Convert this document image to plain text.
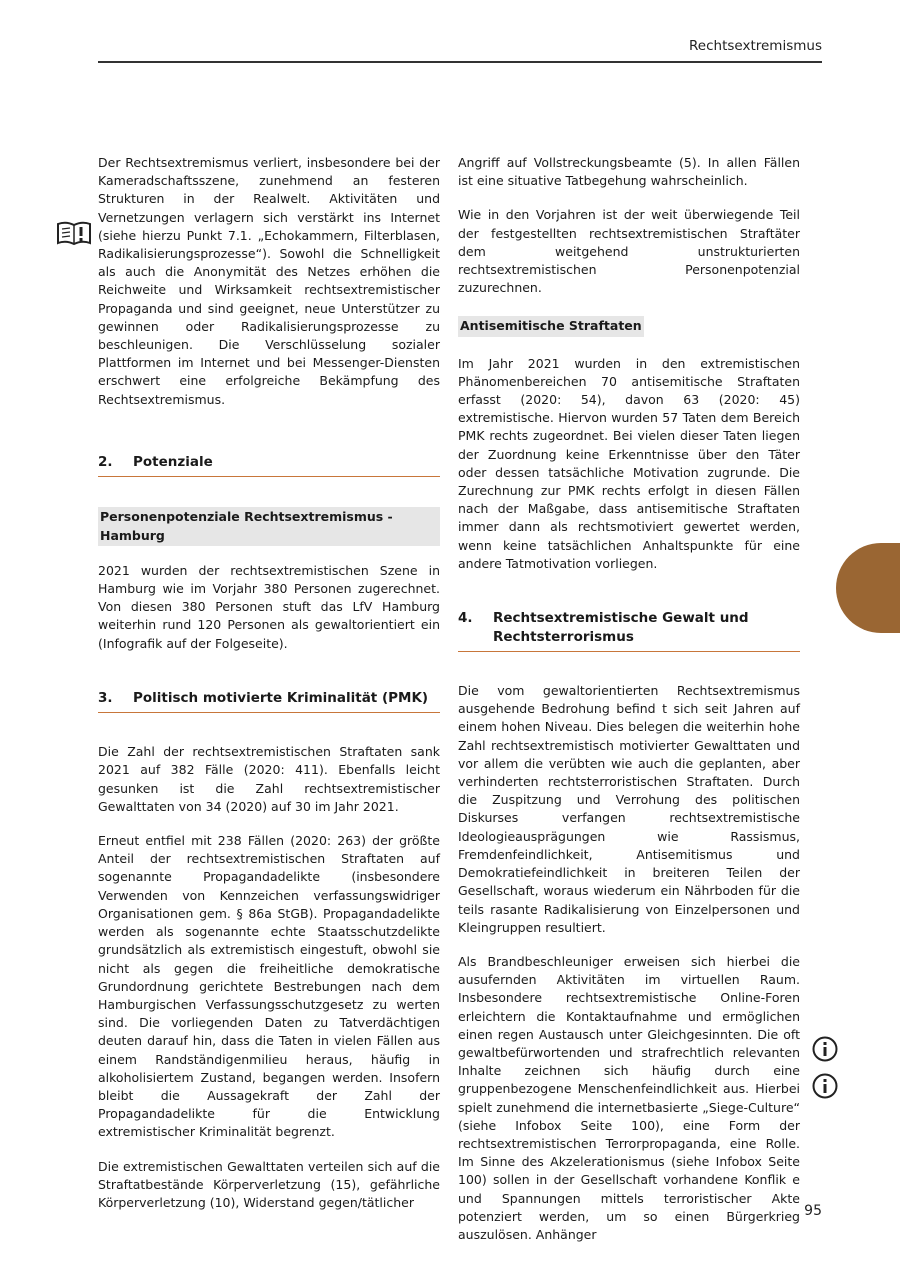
Rechtsextremismus

Der Rechtsextremismus verliert, insbesondere bei der Kameradschaftsszene, zunehmend an festeren Strukturen in der Realwelt. Aktivitäten und Vernetzungen verlagern sich verstärkt ins Internet (siehe hierzu Punkt 7.1. „Echokammern, Filterblasen, Radikalisierungsprozesse“). Sowohl die Schnelligkeit als auch die Anonymität des Netzes erhöhen die Reichweite und Wirksamkeit rechtsextremistischer Propaganda und sind geeignet, neue Unterstützer zu gewinnen oder Radikalisierungsprozesse zu beschleunigen. Die Verschlüsselung sozialer Plattformen im Internet und bei Messenger-Diensten erschwert eine erfolgreiche Bekämpfung des Rechtsextremismus.

2.	Potenziale
Personenpotenziale Rechtsextremismus - Hamburg

2021 wurden der rechtsextremistischen Szene in Hamburg wie im Vorjahr 380 Personen zugerechnet. Von diesen 380 Personen stuft das LfV Hamburg weiterhin rund 120 Personen als gewaltorientiert ein (Infografik auf der Folgeseite).

3.	Politisch motivierte Kriminalität (PMK)

Die Zahl der rechtsextremistischen Straftaten sank 2021 auf 382 Fälle (2020: 411). Ebenfalls leicht gesunken ist die Zahl rechtsextremistischer Gewalttaten von 34 (2020) auf 30 im Jahr 2021.

Erneut entfiel mit 238 Fällen (2020: 263) der größte Anteil der rechtsextremistischen Straftaten auf sogenannte Propagandadelikte (insbesondere Verwenden von Kennzeichen verfassungswidriger Organisationen gem. § 86a StGB). Propagandadelikte werden als sogenannte echte Staatsschutzdelikte grundsätzlich als extremistisch eingestuft, obwohl sie nicht als gegen die freiheitliche demokratische Grundordnung gerichtete Bestrebungen nach dem Hamburgischen Verfassungsschutzgesetz zu werten sind. Die vorliegenden Daten zu Tatverdächtigen deuten darauf hin, dass die Taten in vielen Fällen aus einem Randständigenmilieu heraus, häufig in alkoholisiertem Zustand, begangen werden. Insofern bleibt die Aussagekraft der Zahl der Propagandadelikte für die Entwicklung extremistischer Kriminalität begrenzt.

Die extremistischen Gewalttaten verteilen sich auf die Straftatbestände Körperverletzung (15), gefährliche Körperverletzung (10), Widerstand gegen/tätlicher

Angriff auf Vollstreckungsbeamte (5). In allen Fällen ist eine situative Tatbegehung wahrscheinlich.

Wie in den Vorjahren ist der weit überwiegende Teil der festgestellten rechtsextremistischen Straftäter dem weitgehend unstrukturierten rechtsextremistischen Personenpotenzial zuzurechnen.

Antisemitische Straftaten

Im Jahr 2021 wurden in den extremistischen Phänomenbereichen 70 antisemitische Straftaten erfasst (2020: 54), davon 63 (2020: 45) extremistische. Hiervon wurden 57 Taten dem Bereich PMK rechts zugeordnet. Bei vielen dieser Taten liegen der Zuordnung keine Erkenntnisse über den Täter oder dessen tatsächliche Motivation zugrunde. Die Zurechnung zur PMK rechts erfolgt in diesen Fällen nach der Maßgabe, dass antisemitische Straftaten immer dann als rechtsmotiviert gewertet werden, wenn keine tatsächlichen Anhaltspunkte für eine andere Tatmotivation vorliegen.

4.	Rechtsextremistische Gewalt und Rechtsterrorismus

Die vom gewaltorientierten Rechtsextremismus ausgehende Bedrohung befind t sich seit Jahren auf einem hohen Niveau. Dies belegen die weiterhin hohe Zahl rechtsextremistisch motivierter Gewalttaten und vor allem die verübten wie auch die geplanten, aber verhinderten rechtsterroristischen Straftaten. Durch die Zuspitzung und Verrohung des politischen Diskurses verfangen rechtsextremistische Ideologieausprägungen wie Rassismus, Fremdenfeindlichkeit, Antisemitismus und Demokratiefeindlichkeit in breiteren Teilen der Gesellschaft, woraus wiederum ein Nährboden für die teils rasante Radikalisierung von Einzelpersonen und Kleingruppen resultiert.

Als Brandbeschleuniger erweisen sich hierbei die ausufernden Aktivitäten im virtuellen Raum. Insbesondere rechtsextremistische Online-Foren erleichtern die Kontaktaufnahme und ermöglichen einen regen Austausch unter Gleichgesinnten. Die oft gewaltbefürwortenden und strafrechtlich relevanten Inhalte zeichnen sich häufig durch eine gruppenbezogene Menschenfeindlichkeit aus. Hierbei spielt zunehmend die internetbasierte „Siege-Culture“ (siehe Infobox Seite 100), eine Form der rechtsextremistischen Terrorpropaganda, eine Rolle. Im Sinne des Akzelerationismus (siehe Infobox Seite 100) sollen in der Gesellschaft vorhandene Konflik e und Spannungen mittels terroristischer Akte potenziert werden, um so einen Bürgerkrieg auszulösen. Anhänger

95
